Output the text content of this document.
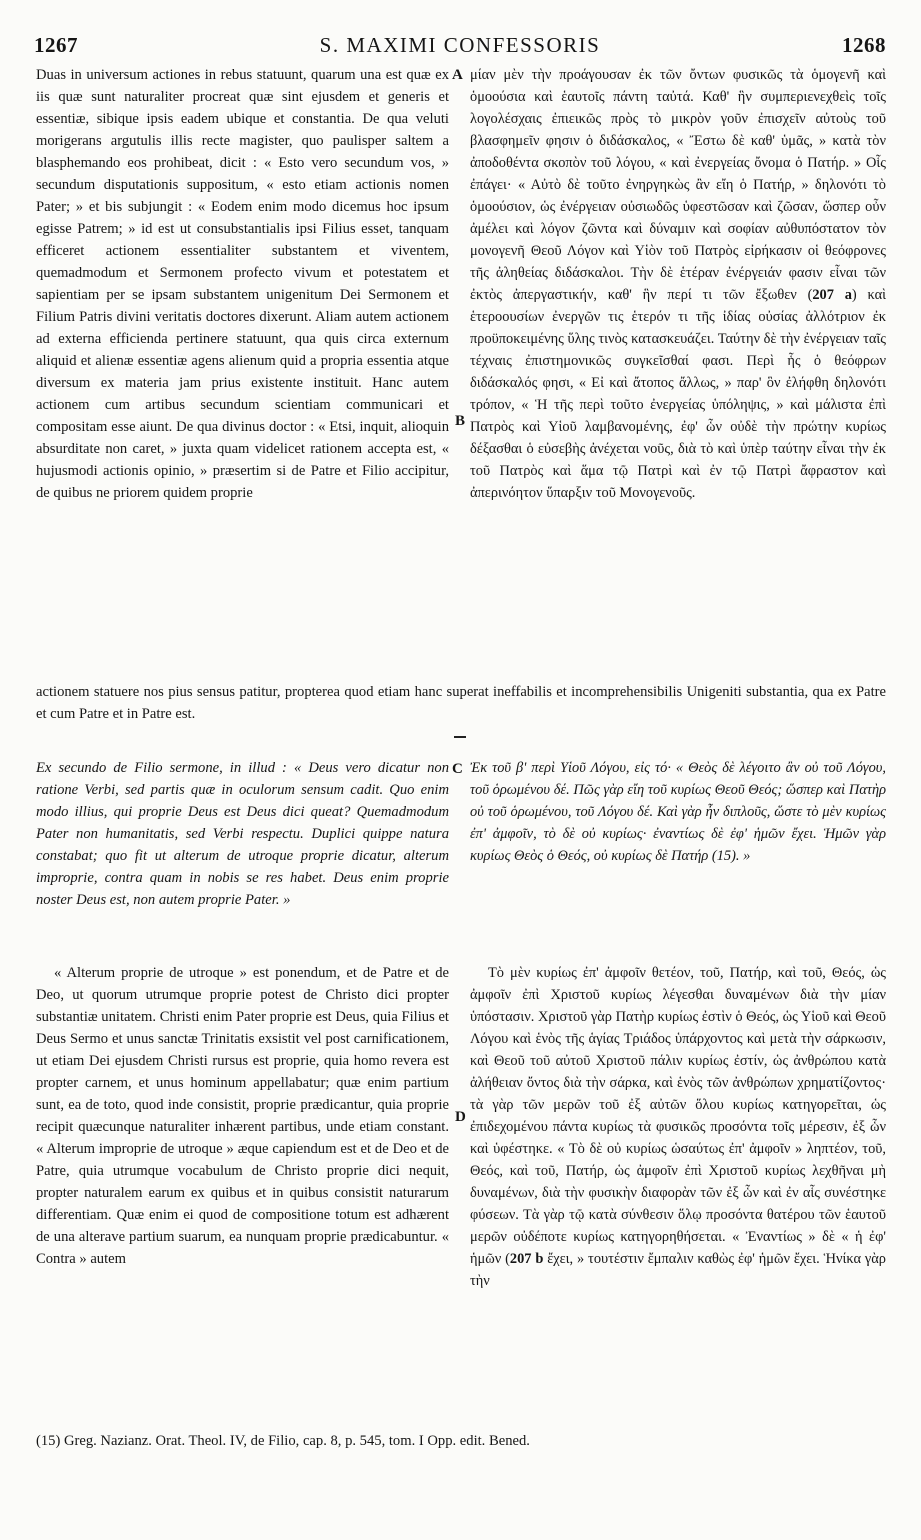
1267	S. MAXIMI CONFESSORIS	1268

Duas in universum actiones in rebus statuunt, quarum una est quæ ex iis quæ sunt naturaliter procreat quæ sint ejusdem et generis et essentiæ, sibique ipsis eadem ubique et constantia. De qua veluti morigerans argutulis illis recte magister, quo paulisper saltem a blasphemando eos prohibeat, dicit : « Esto vero secundum vos, » secundum disputationis suppositum, « esto etiam actionis nomen Pater; » et bis subjungit : « Eodem enim modo dicemus hoc ipsum egisse Patrem; » id est ut consubstantialis ipsi Filius esset, tanquam efficeret actionem essentialiter substantem et viventem, quemadmodum et Sermonem profecto vivum et potestatem et sapientiam per se ipsam substantem unigenitum Dei Sermonem et Filium Patris divini veritatis doctores dixerunt. Aliam autem actionem ad externa efficienda pertinere statuunt, qua quis circa externum aliquid et alienæ essentiæ agens alienum quid a propria essentia atque diversum ex materia jam prius existente instituit. Hanc autem actionem cum artibus secundum scientiam communicari et compositam esse aiunt. De qua divinus doctor : « Etsi, inquit, alioquin absurditate non caret, » juxta quam videlicet rationem accepta est, « hujusmodi actionis opinio, » præsertim si de Patre et Filio accipitur, de quibus ne priorem quidem proprie

μίαν μὲν τὴν προάγουσαν ἐκ τῶν ὄντων φυσικῶς τὰ ὁμογενῆ καὶ ὁμοούσια καὶ ἑαυτοῖς πάντη ταὐτά. Καθ' ἣν συμπεριενεχθεὶς τοῖς λογολέσχαις ἐπιεικῶς πρὸς τὸ μικρὸν γοῦν ἐπισχεῖν αὐτοὺς τοῦ βλασφημεῖν φησιν ὁ διδάσκαλος, « Ἔστω δὲ καθ' ὑμᾶς, » κατὰ τὸν ἀποδοθέντα σκοπὸν τοῦ λόγου, « καὶ ἐνεργείας ὄνομα ὁ Πατήρ. » Οἷς ἐπάγει· « Αὐτὸ δὲ τοῦτο ἐνηργηκὼς ἂν εἴη ὁ Πατήρ, » δηλονότι τὸ ὁμοούσιον, ὡς ἐνέργειαν οὐσιωδῶς ὑφεστῶσαν καὶ ζῶσαν, ὥσπερ οὖν ἀμέλει καὶ λόγον ζῶντα καὶ δύναμιν καὶ σοφίαν αὐθυπόστατον τὸν μονογενῆ Θεοῦ Λόγον καὶ Υἱὸν τοῦ Πατρὸς εἰρήκασιν οἱ θεόφρονες τῆς ἀληθείας διδάσκαλοι. Τὴν δὲ ἑτέραν ἐνέργειάν φασιν εἶναι τῶν ἐκτὸς ἀπεργαστικήν, καθ' ἣν περί τι τῶν ἔξωθεν (207 a) καὶ ἑτεροουσίων ἐνεργῶν τις ἑτερόν τι τῆς ἰδίας οὐσίας ἀλλότριον ἐκ προϋποκειμένης ὕλης τινὸς κατασκευάζει. Ταύτην δὲ τὴν ἐνέργειαν ταῖς τέχναις ἐπιστημονικῶς συγκεῖσθαί φασι. Περὶ ἧς ὁ θεόφρων διδάσκαλός φησι, « Εἰ καὶ ἄτοπος ἄλλως, » παρ' ὃν ἐλήφθη δηλονότι τρόπον, « Ἡ τῆς περὶ τοῦτο ἐνεργείας ὑπόληψις, » καὶ μάλιστα ἐπὶ Πατρὸς καὶ Υἱοῦ λαμβανομένης, ἐφ' ὧν οὐδὲ τὴν πρώτην κυρίως δέξασθαι ὁ εὐσεβὴς ἀνέχεται νοῦς, διὰ τὸ καὶ ὑπὲρ ταύτην εἶναι τὴν ἐκ τοῦ Πατρὸς καὶ ἅμα τῷ Πατρὶ καὶ ἐν τῷ Πατρὶ ἄφραστον καὶ ἀπερινόητον ὕπαρξιν τοῦ Μονογενοῦς.

A
B
actionem statuere nos pius sensus patitur, propterea quod etiam hanc superat ineffabilis et incomprehensibilis Unigeniti substantia, qua ex Patre et cum Patre et in Patre est.

Ex secundo de Filio sermone, in illud : « Deus vero dicatur non ratione Verbi, sed partis quæ in oculorum sensum cadit. Quo enim modo illius, qui proprie Deus est Deus dici queat? Quemadmodum Pater non humanitatis, sed Verbi respectu. Duplici quippe natura constabat; quo fit ut alterum de utroque proprie dicatur, alterum improprie, contra quam in nobis se res habet. Deus enim proprie noster Deus est, non autem proprie Pater. »

Ἐκ τοῦ β' περὶ Υἱοῦ Λόγου, εἰς τό· « Θεὸς δὲ λέγοιτο ἂν οὐ τοῦ Λόγου, τοῦ ὁρωμένου δέ. Πῶς γὰρ εἴη τοῦ κυρίως Θεοῦ Θεός; ὥσπερ καὶ Πατὴρ οὐ τοῦ ὁρωμένου, τοῦ Λόγου δέ. Καὶ γὰρ ἦν διπλοῦς, ὥστε τὸ μὲν κυρίως ἐπ' ἀμφοῖν, τὸ δὲ οὐ κυρίως· ἐναντίως δὲ ἐφ' ἡμῶν ἔχει. Ἡμῶν γὰρ κυρίως Θεὸς ὁ Θεός, οὐ κυρίως δὲ Πατήρ (15). »

C
D

« Alterum proprie de utroque » est ponendum, et de Patre et de Deo, ut quorum utrumque proprie potest de Christo dici propter substantiæ unitatem. Christi enim Pater proprie est Deus, quia Filius et Deus Sermo et unus sanctæ Trinitatis exsistit vel post carnificationem, ut etiam Dei ejusdem Christi rursus est proprie, quia homo revera est propter carnem, et unus hominum appellabatur; quæ enim partium sunt, ea de toto, quod inde consistit, proprie prædicantur, quia proprie recipit quæcunque naturaliter inhærent partibus, unde etiam constant. « Alterum improprie de utroque » æque capiendum est et de Deo et de Patre, quia utrumque vocabulum de Christo proprie dici nequit, propter naturalem earum ex quibus et in quibus consistit naturarum differentiam. Quæ enim ei quod de compositione totum est adhærent de una alterave partium suarum, ea nunquam proprie prædicabuntur. « Contra » autem

Τὸ μὲν κυρίως ἐπ' ἀμφοῖν θετέον, τοῦ, Πατήρ, καὶ τοῦ, Θεός, ὡς ἀμφοῖν ἐπὶ Χριστοῦ κυρίως λέγεσθαι δυναμένων διὰ τὴν μίαν ὑπόστασιν. Χριστοῦ γὰρ Πατὴρ κυρίως ἐστὶν ὁ Θεός, ὡς Υἱοῦ καὶ Θεοῦ Λόγου καὶ ἑνὸς τῆς ἁγίας Τριάδος ὑπάρχοντος καὶ μετὰ τὴν σάρκωσιν, καὶ Θεοῦ τοῦ αὐτοῦ Χριστοῦ πάλιν κυρίως ἐστίν, ὡς ἀνθρώπου κατὰ ἀλήθειαν ὄντος διὰ τὴν σάρκα, καὶ ἑνὸς τῶν ἀνθρώπων χρηματίζοντος· τὰ γὰρ τῶν μερῶν τοῦ ἐξ αὐτῶν ὅλου κυρίως κατηγορεῖται, ὡς ἐπιδεχομένου πάντα κυρίως τὰ φυσικῶς προσόντα τοῖς μέρεσιν, ἐξ ὧν καὶ ὑφέστηκε. « Τὸ δὲ οὐ κυρίως ὡσαύτως ἐπ' ἀμφοῖν » ληπτέον, τοῦ, Θεός, καὶ τοῦ, Πατήρ, ὡς ἀμφοῖν ἐπὶ Χριστοῦ κυρίως λεχθῆναι μὴ δυναμένων, διὰ τὴν φυσικὴν διαφορὰν τῶν ἐξ ὧν καὶ ἐν αἷς συνέστηκε φύσεων. Τὰ γὰρ τῷ κατὰ σύνθεσιν ὅλῳ προσόντα θατέρου τῶν ἑαυτοῦ μερῶν οὐδέποτε κυρίως κατηγορηθήσεται. « Ἐναντίως » δὲ « ἡ ἐφ' ἡμῶν (207 b ἔχει, » τουτέστιν ἔμπαλιν καθὼς ἐφ' ἡμῶν ἔχει. Ἡνίκα γὰρ τὴν

(15) Greg. Nazianz. Orat. Theol. IV, de Filio, cap. 8, p. 545, tom. I Opp. edit. Bened.
